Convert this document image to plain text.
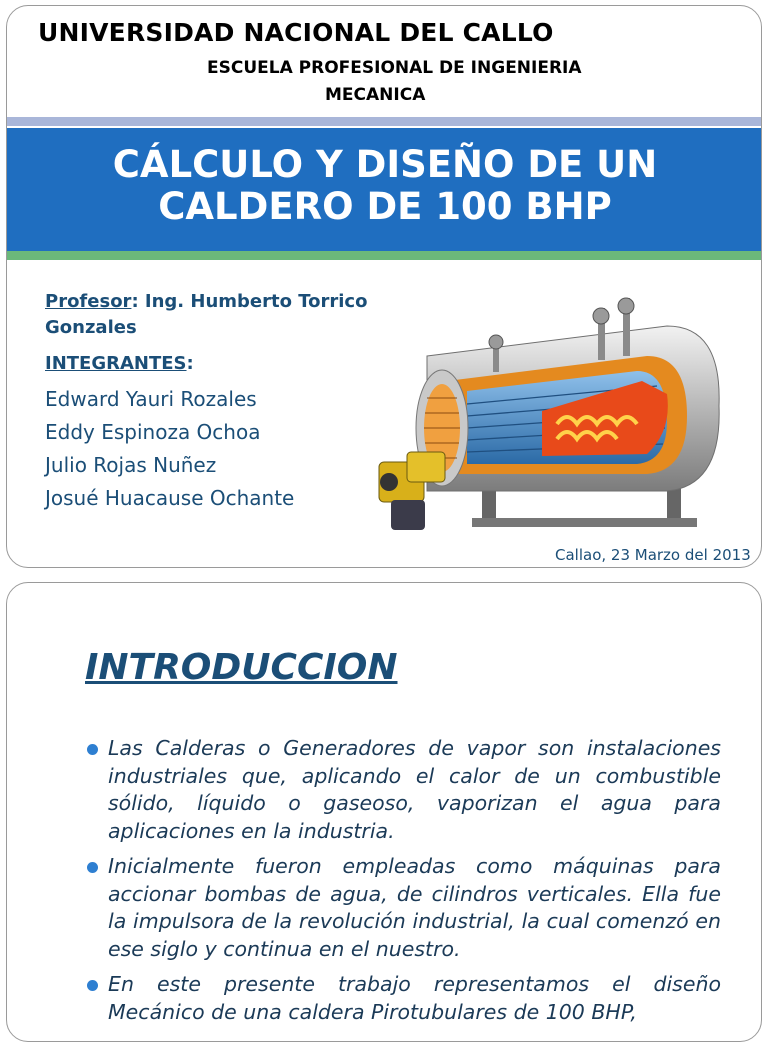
UNIVERSIDAD NACIONAL DEL CALLO
ESCUELA PROFESIONAL DE INGENIERIA
MECANICA
CÁLCULO Y DISEÑO DE UN
CALDERO DE 100 BHP
Profesor: Ing. Humberto Torrico Gonzales
INTEGRANTES:
Edward Yauri Rozales
Eddy Espinoza Ochoa
Julio Rojas Nuñez
Josué Huacause Ochante
Callao, 23 Marzo del 2013
INTRODUCCION
Las Calderas o Generadores de vapor son instalaciones industriales que, aplicando el calor de un combustible sólido, líquido o gaseoso, vaporizan el agua para aplicaciones en la industria.
Inicialmente fueron empleadas como máquinas para accionar bombas de agua, de cilindros verticales. Ella fue la impulsora de la revolución industrial, la cual comenzó en ese siglo y continua en el nuestro.
En este presente trabajo representamos el diseño Mecánico de una caldera Pirotubulares de 100 BHP,
